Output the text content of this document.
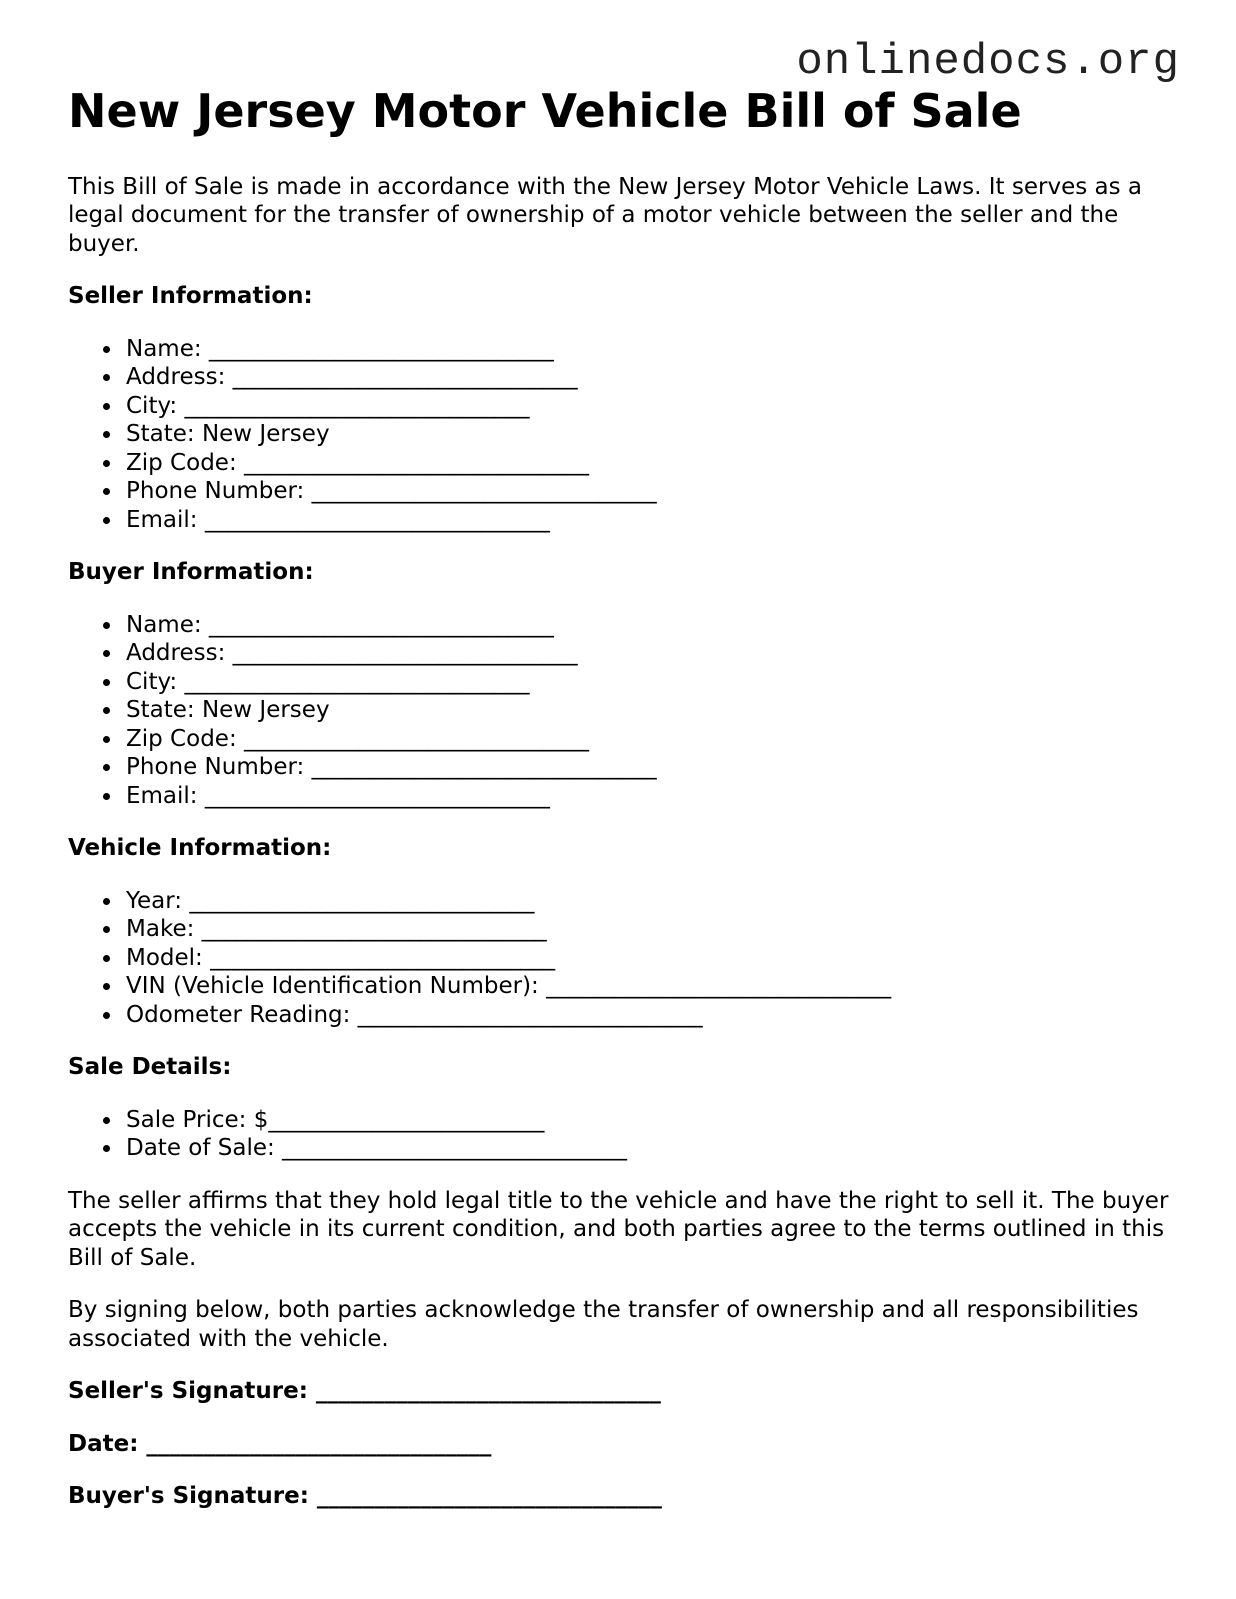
onlinedocs.org
New Jersey Motor Vehicle Bill of Sale

This Bill of Sale is made in accordance with the New Jersey Motor Vehicle Laws. It serves as a legal document for the transfer of ownership of a motor vehicle between the seller and the buyer.

Seller Information:
Name: ______________________________
Address: ______________________________
City: ______________________________
State: New Jersey
Zip Code: ______________________________
Phone Number: ______________________________
Email: ______________________________
Buyer Information:
Name: ______________________________
Address: ______________________________
City: ______________________________
State: New Jersey
Zip Code: ______________________________
Phone Number: ______________________________
Email: ______________________________
Vehicle Information:
Year: ______________________________
Make: ______________________________
Model: ______________________________
VIN (Vehicle Identification Number): ______________________________
Odometer Reading: ______________________________
Sale Details:
Sale Price: $________________________
Date of Sale: ______________________________

The seller affirms that they hold legal title to the vehicle and have the right to sell it. The buyer accepts the vehicle in its current condition, and both parties agree to the terms outlined in this Bill of Sale.

By signing below, both parties acknowledge the transfer of ownership and all responsibilities associated with the vehicle.

Seller's Signature: ______________________________

Date: ______________________________

Buyer's Signature: ______________________________
